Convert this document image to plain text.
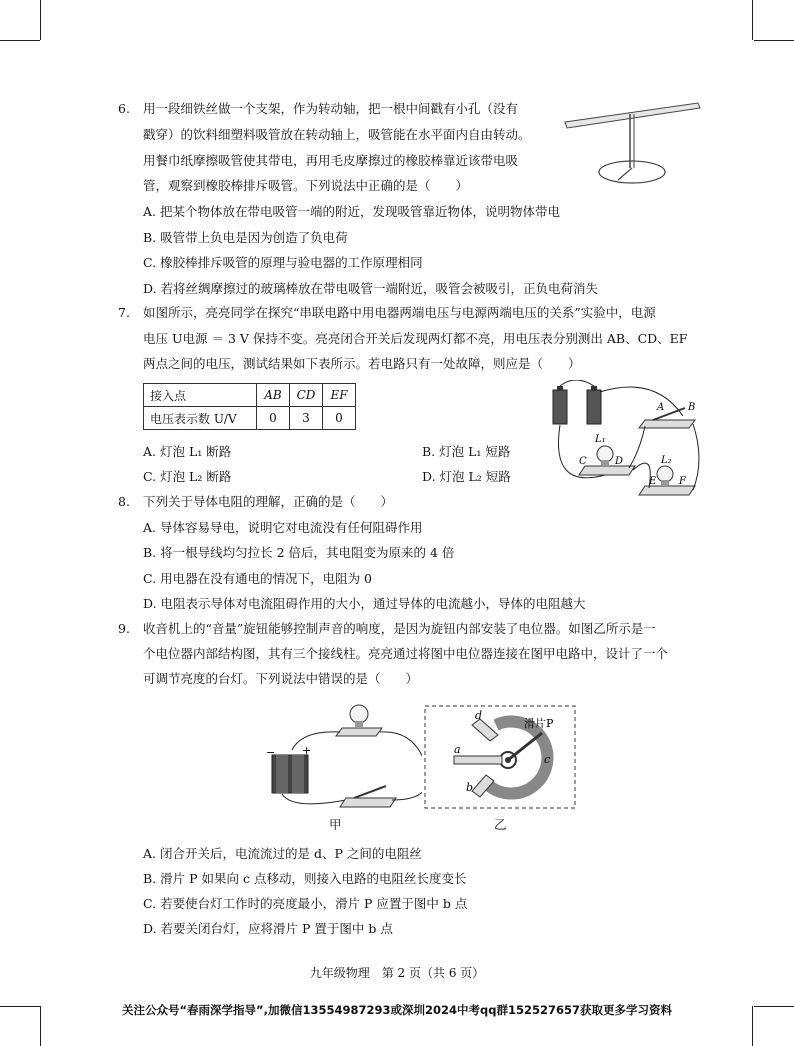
6. 用一段细铁丝做一个支架，作为转动轴，把一根中间戳有小孔（没有
戳穿）的饮料细塑料吸管放在转动轴上，吸管能在水平面内自由转动。
用餐巾纸摩擦吸管使其带电，再用毛皮摩擦过的橡胶棒靠近该带电吸
管，观察到橡胶棒排斥吸管。下列说法中正确的是（　　）
A. 把某个物体放在带电吸管一端的附近，发现吸管靠近物体，说明物体带电
B. 吸管带上负电是因为创造了负电荷
C. 橡胶棒排斥吸管的原理与验电器的工作原理相同
D. 若将丝绸摩擦过的玻璃棒放在带电吸管一端附近，吸管会被吸引，正负电荷消失
7. 如图所示，亮亮同学在探究“串联电路中用电器两端电压与电源两端电压的关系”实验中，电源
电压 U电源 ＝ 3 V 保持不变。亮亮闭合开关后发现两灯都不亮，用电压表分别测出 AB、CD、EF
两点之间的电压，测试结果如下表所示。若电路只有一处故障，则应是（　　）
接入点	AB	CD	EF
电压表示数 U/V	0	3	0
A. 灯泡 L₁ 断路	B. 灯泡 L₁ 短路
C. 灯泡 L₂ 断路	D. 灯泡 L₂ 短路
A B
L₁
C	D	L₂
E F
8. 下列关于导体电阻的理解，正确的是（　　）
A. 导体容易导电，说明它对电流没有任何阻碍作用
B. 将一根导线均匀拉长 2 倍后，其电阻变为原来的 4 倍
C. 用电器在没有通电的情况下，电阻为 0
D. 电阻表示导体对电流阻碍作用的大小，通过导体的电流越小，导体的电阻越大
9. 收音机上的“音量”旋钮能够控制声音的响度，是因为旋钮内部安装了电位器。如图乙所示是一
个电位器内部结构图，其有三个接线柱。亮亮通过将图中电位器连接在图甲电路中，设计了一个
可调节亮度的台灯。下列说法中错误的是（　　）
− +
d
a
b
c
滑片P
甲	乙
A. 闭合开关后，电流流过的是 d、P 之间的电阻丝
B. 滑片 P 如果向 c 点移动，则接入电路的电阻丝长度变长
C. 若要使台灯工作时的亮度最小，滑片 P 应置于图中 b 点
D. 若要关闭台灯，应将滑片 P 置于图中 b 点
九年级物理　第 2 页（共 6 页）
关注公众号“春雨深学指导”,加微信13554987293或深圳2024中考qq群152527657获取更多学习资料
